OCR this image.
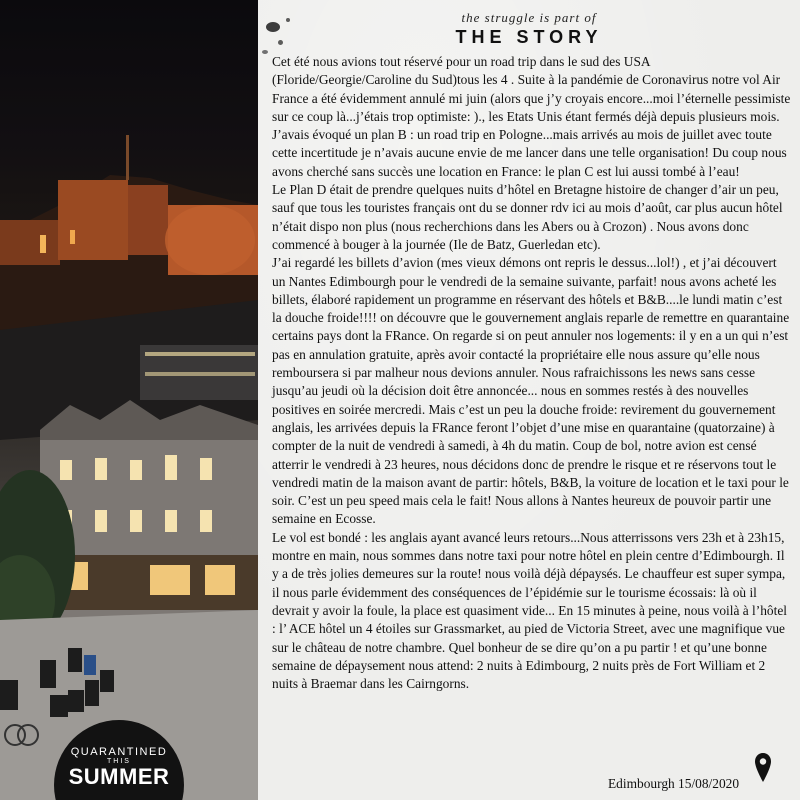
QUARANTINED
THIS
SUMMER
the struggle is part of
THE STORY

Cet été nous avions tout réservé pour un road trip dans le sud des USA (Floride/Georgie/Caroline du Sud)tous les 4 . Suite à la pandémie de Coronavirus notre vol Air France a été évidemment annulé mi juin (alors que j’y croyais encore...moi l’éternelle pessimiste sur ce coup là...j’étais trop optimiste: )., les Etats Unis étant fermés déjà depuis plusieurs mois.

J’avais évoqué un plan B : un road trip en Pologne...mais arrivés au mois de juillet avec toute cette incertitude je n’avais aucune envie de me lancer dans une telle organisation! Du coup nous avons cherché sans succès une location en France: le plan C est lui aussi tombé à l’eau!

Le Plan D était de prendre quelques nuits d’hôtel en Bretagne histoire de changer d’air un peu, sauf que tous les touristes français ont du se donner rdv ici au mois d’août, car plus aucun hôtel n’était dispo non plus (nous recherchions dans les Abers ou à Crozon) . Nous avons donc commencé à bouger à la journée (Ile de Batz, Guerledan etc).

J’ai regardé les billets d’avion (mes vieux démons ont repris le dessus...lol!) , et j’ai découvert un Nantes Edimbourgh pour le vendredi de la semaine suivante, parfait! nous avons acheté les billets, élaboré rapidement un programme en réservant des hôtels et B&B....le lundi matin c’est la douche froide!!!! on découvre que le gouvernement anglais reparle de remettre en quarantaine certains pays dont la FRance. On regarde si on peut annuler nos logements: il y en a un qui n’est pas en annulation gratuite, après avoir contacté la propriétaire elle nous assure qu’elle nous remboursera si par malheur nous devions annuler. Nous rafraichissons les news sans cesse jusqu’au jeudi où la décision doit être annoncée... nous en sommes restés à des nouvelles positives en soirée mercredi. Mais c’est un peu la douche froide: revirement du gouvernement anglais, les arrivées depuis la FRance feront l’objet d’une mise en quarantaine (quatorzaine) à compter de la nuit de vendredi à samedi, à 4h du matin. Coup de bol, notre avion est censé atterrir le vendredi à 23 heures, nous décidons donc de prendre le risque et re réservons tout le vendredi matin de la maison avant de partir: hôtels, B&B, la voiture de location et le taxi pour le soir. C’est un peu speed mais cela le fait! Nous allons à Nantes heureux de pouvoir partir une semaine en Ecosse.

Le vol est bondé : les anglais ayant avancé leurs retours...Nous atterrissons vers 23h et à 23h15, montre en main, nous sommes dans notre taxi pour notre hôtel en plein centre d’Edimbourgh. Il y a de très jolies demeures sur la route! nous voilà déjà dépaysés. Le chauffeur est super sympa, il nous parle évidemment des conséquences de l’épidémie sur le tourisme écossais: là où il devrait y avoir la foule, la place est quasiment vide... En 15 minutes à peine, nous voilà à l’hôtel : l’ ACE hôtel un 4 étoiles sur Grassmarket, au pied de Victoria Street, avec une magnifique vue sur le château de notre chambre. Quel bonheur de se dire qu’on a pu partir ! et qu’une bonne semaine de dépaysement nous attend: 2 nuits à Edimbourg, 2 nuits près de Fort William et 2 nuits à Braemar dans les Cairngorns.

Edimbourgh 15/08/2020
